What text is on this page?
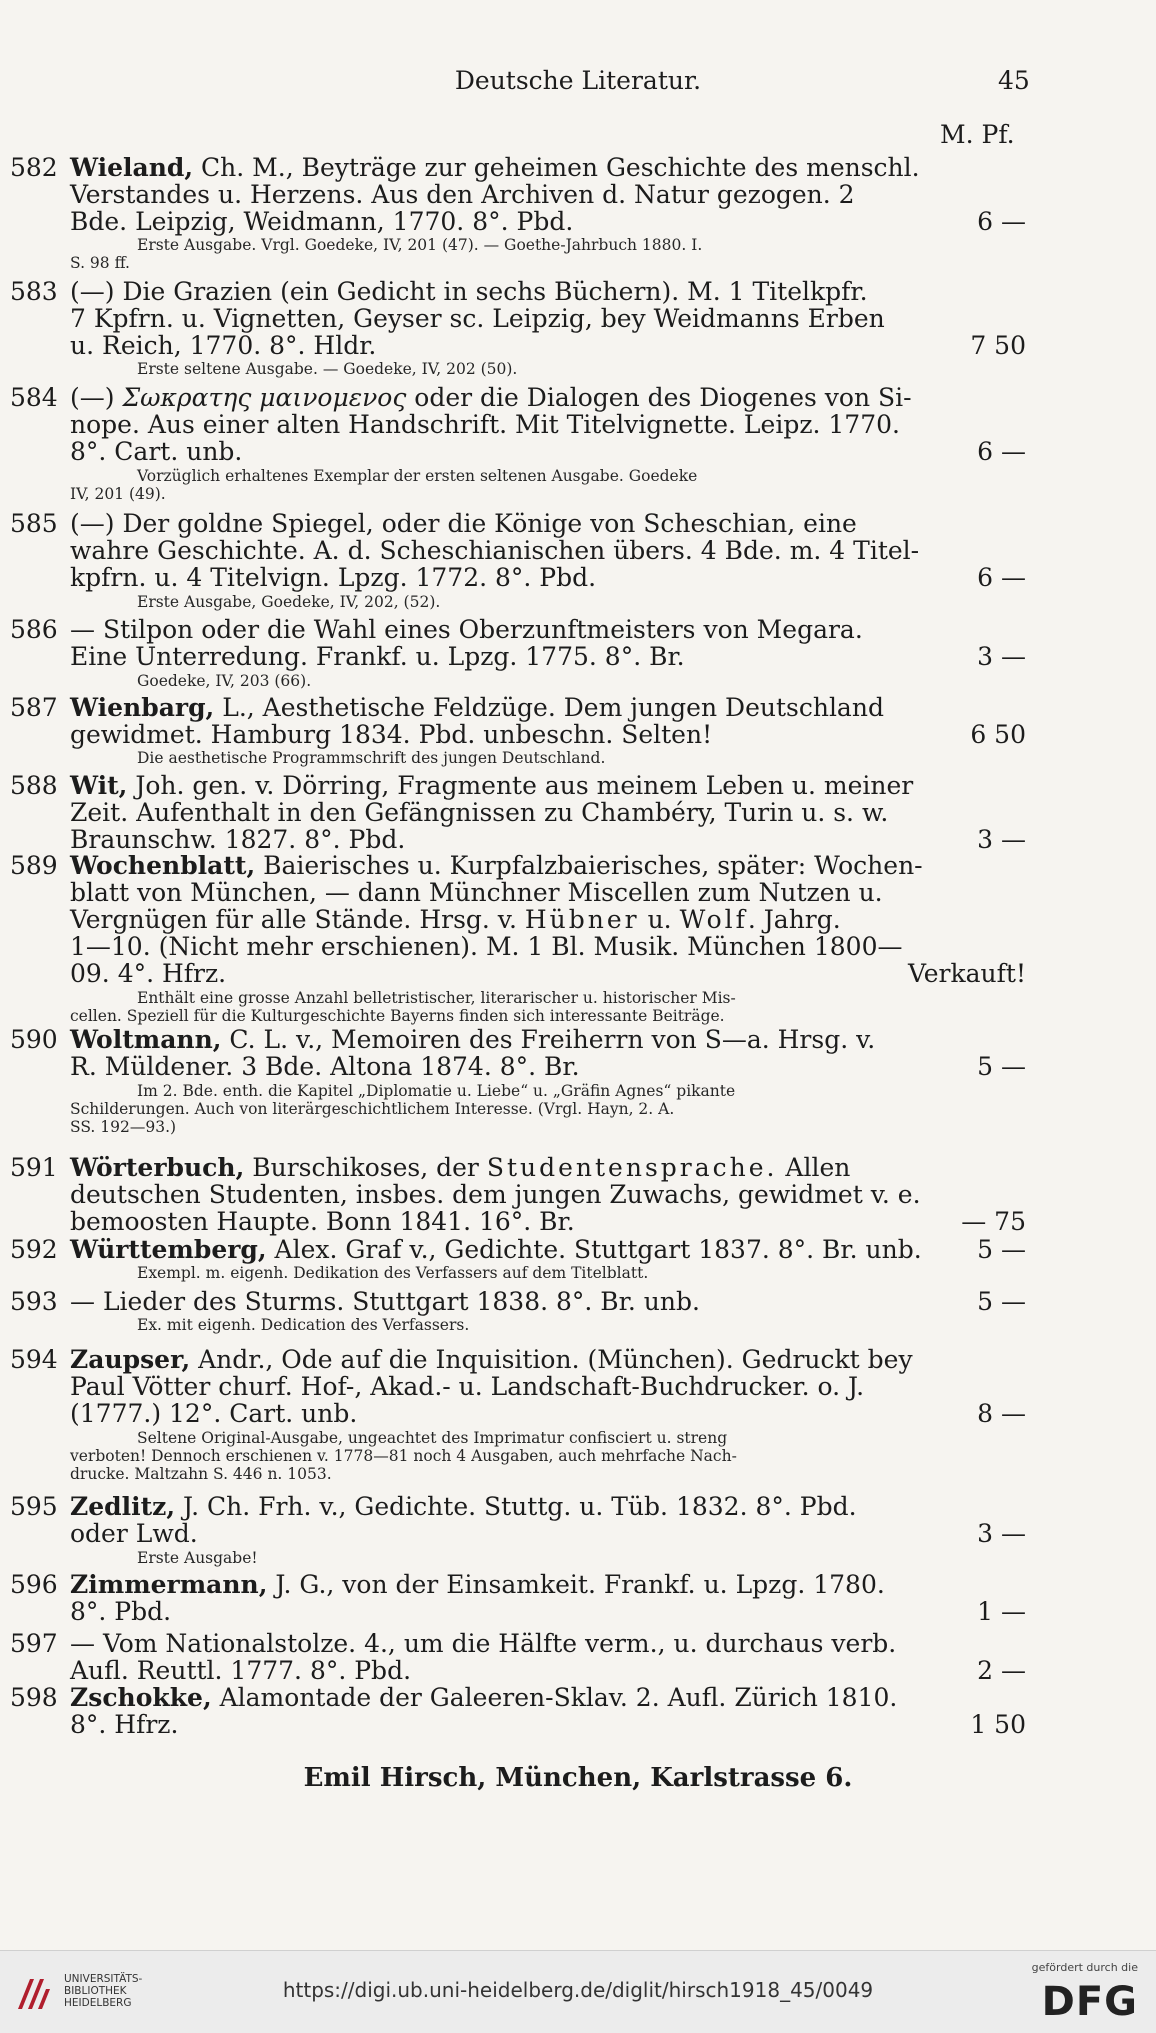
Deutsche Literatur.	45
M. Pf.
582 Wieland, Ch. M., Beyträge zur geheimen Geschichte des menschl.
Verstandes u. Herzens. Aus den Archiven d. Natur gezogen. 2
Bde. Leipzig, Weidmann, 1770. 8°. Pbd.	6 —
Erste Ausgabe. Vrgl. Goedeke, IV, 201 (47). — Goethe-Jahrbuch 1880. I.
S. 98 ff.
583 (—) Die Grazien (ein Gedicht in sechs Büchern). M. 1 Titelkpfr.
7 Kpfrn. u. Vignetten, Geyser sc. Leipzig, bey Weidmanns Erben
u. Reich, 1770. 8°. Hldr.	7 50
Erste seltene Ausgabe. — Goedeke, IV, 202 (50).
584 (—) Σωκρατης μαινομενος oder die Dialogen des Diogenes von Si-
nope. Aus einer alten Handschrift. Mit Titelvignette. Leipz. 1770.
8°. Cart. unb.	6 —
Vorzüglich erhaltenes Exemplar der ersten seltenen Ausgabe. Goedeke
IV, 201 (49).
585 (—) Der goldne Spiegel, oder die Könige von Scheschian, eine
wahre Geschichte. A. d. Scheschianischen übers. 4 Bde. m. 4 Titel-
kpfrn. u. 4 Titelvign. Lpzg. 1772. 8°. Pbd.	6 —
Erste Ausgabe, Goedeke, IV, 202, (52).
586 — Stilpon oder die Wahl eines Oberzunftmeisters von Megara.
Eine Unterredung. Frankf. u. Lpzg. 1775. 8°. Br.	3 —
Goedeke, IV, 203 (66).
587 Wienbarg, L., Aesthetische Feldzüge. Dem jungen Deutschland
gewidmet. Hamburg 1834. Pbd. unbeschn. Selten!	6 50
Die aesthetische Programmschrift des jungen Deutschland.
588 Wit, Joh. gen. v. Dörring, Fragmente aus meinem Leben u. meiner
Zeit. Aufenthalt in den Gefängnissen zu Chambéry, Turin u. s. w.
Braunschw. 1827. 8°. Pbd.	3 —
589 Wochenblatt, Baierisches u. Kurpfalzbaierisches, später: Wochen-
blatt von München, — dann Münchner Miscellen zum Nutzen u.
Vergnügen für alle Stände. Hrsg. v. Hübner u. Wolf. Jahrg.
1—10. (Nicht mehr erschienen). M. 1 Bl. Musik. München 1800—
09. 4°. Hfrz.	Verkauft!
Enthält eine grosse Anzahl belletristischer, literarischer u. historischer Mis-
cellen. Speziell für die Kulturgeschichte Bayerns finden sich interessante Beiträge.
590 Woltmann, C. L. v., Memoiren des Freiherrn von S—a. Hrsg. v.
R. Müldener. 3 Bde. Altona 1874. 8°. Br.	5 —
Im 2. Bde. enth. die Kapitel „Diplomatie u. Liebe“ u. „Gräfin Agnes“ pikante
Schilderungen. Auch von literärgeschichtlichem Interesse. (Vrgl. Hayn, 2. A.
SS. 192—93.)
591 Wörterbuch, Burschikoses, der Studentensprache. Allen
deutschen Studenten, insbes. dem jungen Zuwachs, gewidmet v. e.
bemoosten Haupte. Bonn 1841. 16°. Br.	— 75
592 Württemberg, Alex. Graf v., Gedichte. Stuttgart 1837. 8°. Br. unb. 5 —
Exempl. m. eigenh. Dedikation des Verfassers auf dem Titelblatt.
593 — Lieder des Sturms. Stuttgart 1838. 8°. Br. unb.	5 —
Ex. mit eigenh. Dedication des Verfassers.
594 Zaupser, Andr., Ode auf die Inquisition. (München). Gedruckt bey
Paul Vötter churf. Hof-, Akad.- u. Landschaft-Buchdrucker. o. J.
(1777.) 12°. Cart. unb.	8 —
Seltene Original-Ausgabe, ungeachtet des Imprimatur confisciert u. streng
verboten! Dennoch erschienen v. 1778—81 noch 4 Ausgaben, auch mehrfache Nach-
drucke. Maltzahn S. 446 n. 1053.
595 Zedlitz, J. Ch. Frh. v., Gedichte. Stuttg. u. Tüb. 1832. 8°. Pbd.
oder Lwd.	3 —
Erste Ausgabe!
596 Zimmermann, J. G., von der Einsamkeit. Frankf. u. Lpzg. 1780.
8°. Pbd.	1 —
597 — Vom Nationalstolze. 4., um die Hälfte verm., u. durchaus verb.
Aufl. Reuttl. 1777. 8°. Pbd.	2 —
598 Zschokke, Alamontade der Galeeren-Sklav. 2. Aufl. Zürich 1810.
8°. Hfrz.	1 50
Emil Hirsch, München, Karlstrasse 6.
UNIVERSITÄTS-
BIBLIOTHEK
HEIDELBERG
https://digi.ub.uni-heidelberg.de/diglit/hirsch1918_45/0049
gefördert durch die
DFG
